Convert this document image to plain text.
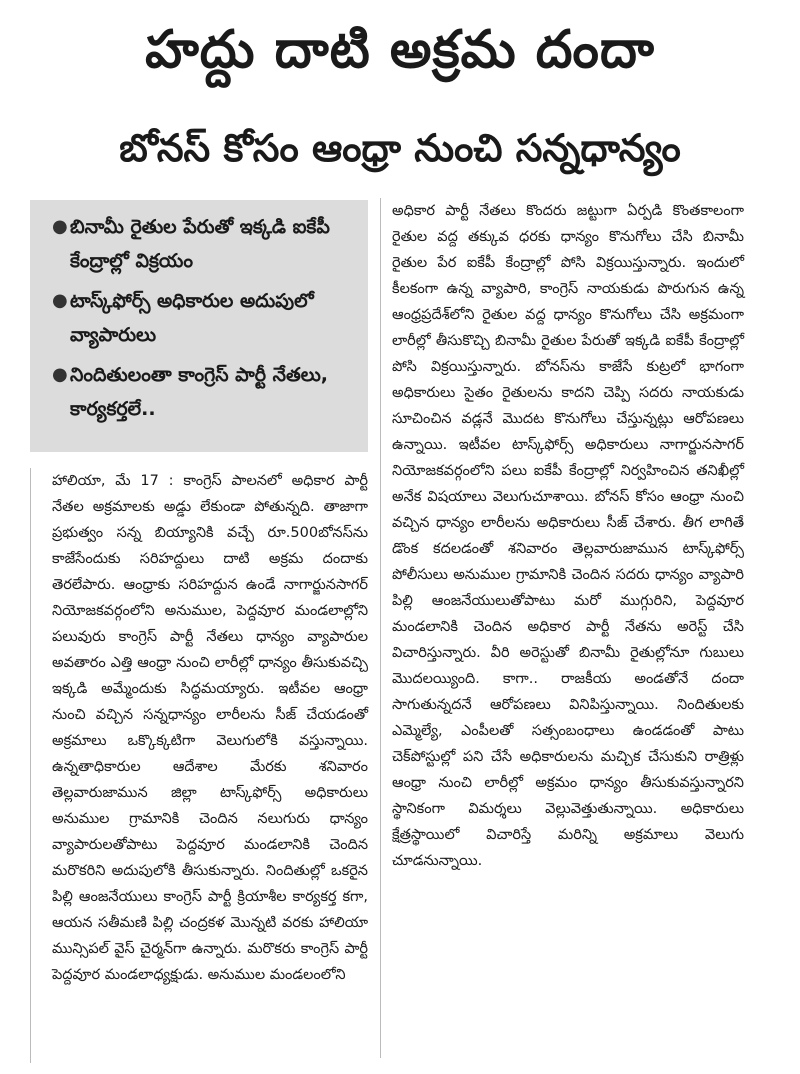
హద్దు దాటి అక్రమ దందా
బోనస్ కోసం ఆంధ్రా నుంచి సన్నధాన్యం
● బినామీ రైతుల పేరుతో ఇక్కడి ఐకేపీ కేంద్రాల్లో విక్రయం
● టాస్క్‌ఫోర్స్ అధికారుల అదుపులో వ్యాపారులు
● నిందితులంతా కాంగ్రెస్ పార్టీ నేతలు, కార్యకర్తలే..

హాలియా, మే 17 : కాంగ్రెస్ పాలనలో అధికార పార్టీ నేతల అక్రమాలకు అడ్డు లేకుండా పోతున్నది. తాజాగా ప్రభుత్వం సన్న బియ్యానికి వచ్చే రూ.500బోనస్‌ను కాజేసేందుకు సరిహద్దులు దాటి అక్రమ దందాకు తెరలేపారు. ఆంధ్రాకు సరిహద్దున ఉండే నాగార్జునసాగర్ నియోజకవర్గంలోని అనుముల, పెద్దవూర మండలాల్లోని పలువురు కాంగ్రెస్ పార్టీ నేతలు ధాన్యం వ్యాపారుల అవతారం ఎత్తి ఆంధ్రా నుంచి లారీల్లో ధాన్యం తీసుకువచ్చి ఇక్కడి అమ్మేందుకు సిద్ధమయ్యారు. ఇటీవల ఆంధ్రా నుంచి వచ్చిన సన్నధాన్యం లారీలను సీజ్ చేయడంతో అక్రమాలు ఒక్కొక్కటిగా వెలుగులోకి వస్తున్నాయి. ఉన్నతాధికారుల ఆదేశాల మేరకు శనివారం తెల్లవారుజామున జిల్లా టాస్క్‌ఫోర్స్ అధికారులు అనుముల గ్రామానికి చెందిన నలుగురు ధాన్యం వ్యాపారులతోపాటు పెద్దవూర మండలానికి చెందిన మరొకరిని అదుపులోకి తీసుకున్నారు. నిందితుల్లో ఒకరైన పిల్లి ఆంజనేయులు కాంగ్రెస్ పార్టీ క్రియాశీల కార్యకర్త కగా, ఆయన సతీమణి పిల్లి చంద్రకళ మొన్నటి వరకు హాలియా మున్సిపల్ వైస్ చైర్మన్‌గా ఉన్నారు. మరొకరు కాంగ్రెస్ పార్టీ పెద్దవూర మండలాధ్యక్షుడు. అనుముల మండలంలోని

అధికార పార్టీ నేతలు కొందరు జట్టుగా ఏర్పడి కొంతకాలంగా రైతుల వద్ద తక్కువ ధరకు ధాన్యం కొనుగోలు చేసి బినామీ రైతుల పేర ఐకేపీ కేంద్రాల్లో పోసి విక్రయిస్తున్నారు. ఇందులో కీలకంగా ఉన్న వ్యాపారి, కాంగ్రెస్ నాయకుడు పొరుగున ఉన్న ఆంధ్రప్రదేశ్‌లోని రైతుల వద్ద ధాన్యం కొనుగోలు చేసి అక్రమంగా లారీల్లో తీసుకొచ్చి బినామీ రైతుల పేరుతో ఇక్కడి ఐకేపీ కేంద్రాల్లో పోసి విక్రయిస్తున్నారు. బోనస్‌ను కాజేసే కుట్రలో భాగంగా అధికారులు సైతం రైతులను కాదని చెప్పి సదరు నాయకుడు సూచించిన వడ్లనే మొదట కొనుగోలు చేస్తున్నట్లు ఆరోపణలు ఉన్నాయి. ఇటీవల టాస్క్‌ఫోర్స్ అధికారులు నాగార్జునసాగర్ నియోజకవర్గంలోని పలు ఐకేపీ కేంద్రాల్లో నిర్వహించిన తనిఖీల్లో అనేక విషయాలు వెలుగుచూశాయి. బోనస్ కోసం ఆంధ్రా నుంచి వచ్చిన ధాన్యం లారీలను అధికారులు సీజ్ చేశారు. తీగ లాగితే డొంక కదలడంతో శనివారం తెల్లవారుజామున టాస్క్‌ఫోర్స్ పోలీసులు అనుముల గ్రామానికి చెందిన సదరు ధాన్యం వ్యాపారి పిల్లి ఆంజనేయులుతోపాటు మరో ముగ్గురిని, పెద్దవూర మండలానికి చెందిన అధికార పార్టీ నేతను అరెస్ట్ చేసి విచారిస్తున్నారు. వీరి అరెస్టుతో బినామీ రైతుల్లోనూ గుబులు మొదలయ్యింది. కాగా.. రాజకీయ అండతోనే దందా సాగుతున్నదనే ఆరోపణలు వినిపిస్తున్నాయి. నిందితులకు ఎమ్మెల్యే, ఎంపీలతో సత్సంబంధాలు ఉండడంతో పాటు చెక్‌పోస్టుల్లో పని చేసే అధికారులను మచ్చిక చేసుకుని రాత్రిళ్లు ఆంధ్రా నుంచి లారీల్లో అక్రమం ధాన్యం తీసుకువస్తున్నారని స్థానికంగా విమర్శలు వెల్లువెత్తుతున్నాయి. అధికారులు క్షేత్రస్థాయిలో విచారిస్తే మరిన్ని అక్రమాలు వెలుగు చూడనున్నాయి.
